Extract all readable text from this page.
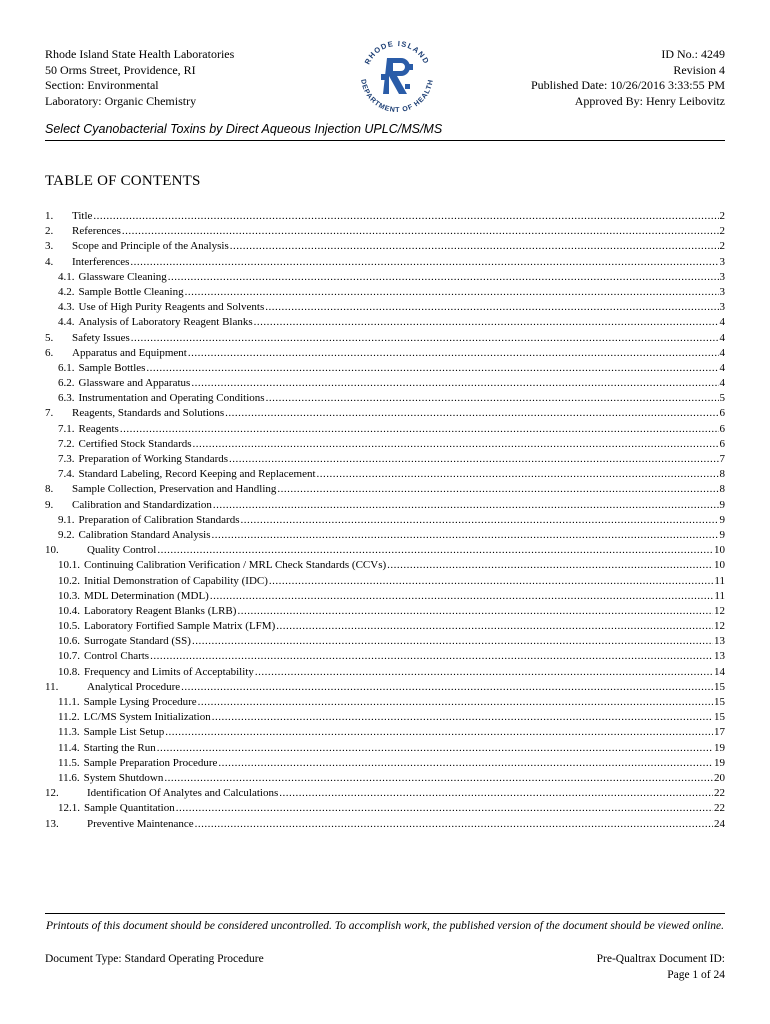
Rhode Island State Health Laboratories
50 Orms Street, Providence, RI
Section: Environmental
Laboratory: Organic Chemistry
RHODE ISLAND
DEPARTMENT OF HEALTH
ID No.: 4249
Revision 4
Published Date: 10/26/2016 3:33:55 PM
Approved By: Henry Leibovitz
Select Cyanobacterial Toxins by Direct Aqueous Injection UPLC/MS/MS
TABLE OF CONTENTS
1.	Title .....	2
2.	References .....	2
3.	Scope and Principle of the Analysis .....	2
4.	Interferences .....	3
4.1. Glassware Cleaning .....	3
4.2. Sample Bottle Cleaning .....	3
4.3. Use of High Purity Reagents and Solvents .....	3
4.4. Analysis of Laboratory Reagent Blanks .....	4
5.	Safety Issues .....	4
6.	Apparatus and Equipment .....	4
6.1. Sample Bottles .....	4
6.2. Glassware and Apparatus .....	4
6.3. Instrumentation and Operating Conditions .....	5
7.	Reagents, Standards and Solutions .....	6
7.1. Reagents .....	6
7.2. Certified Stock Standards .....	6
7.3. Preparation of Working Standards .....	7
7.4. Standard Labeling, Record Keeping and Replacement .....	8
8.	Sample Collection, Preservation and Handling .....	8
9.	Calibration and Standardization .....	9
9.1. Preparation of Calibration Standards .....	9
9.2. Calibration Standard Analysis .....	9
10.	Quality Control .....	10
10.1. Continuing Calibration Verification / MRL Check Standards (CCVs) .....	10
10.2. Initial Demonstration of Capability (IDC) .....	11
10.3. MDL Determination (MDL) .....	11
10.4. Laboratory Reagent Blanks (LRB) .....	12
10.5. Laboratory Fortified Sample Matrix (LFM) .....	12
10.6. Surrogate Standard (SS) .....	13
10.7. Control Charts .....	13
10.8. Frequency and Limits of Acceptability .....	14
11.	Analytical Procedure .....	15
11.1. Sample Lysing Procedure .....	15
11.2. LC/MS System Initialization .....	15
11.3. Sample List Setup .....	17
11.4. Starting the Run .....	19
11.5. Sample Preparation Procedure .....	19
11.6. System Shutdown .....	20
12.	Identification Of Analytes and Calculations .....	22
12.1. Sample Quantitation .....	22
13.	Preventive Maintenance .....	24
Printouts of this document should be considered uncontrolled. To accomplish work, the published version of the document should be viewed online.
Document Type: Standard Operating Procedure	Pre-Qualtrax Document ID:
Page 1 of 24
